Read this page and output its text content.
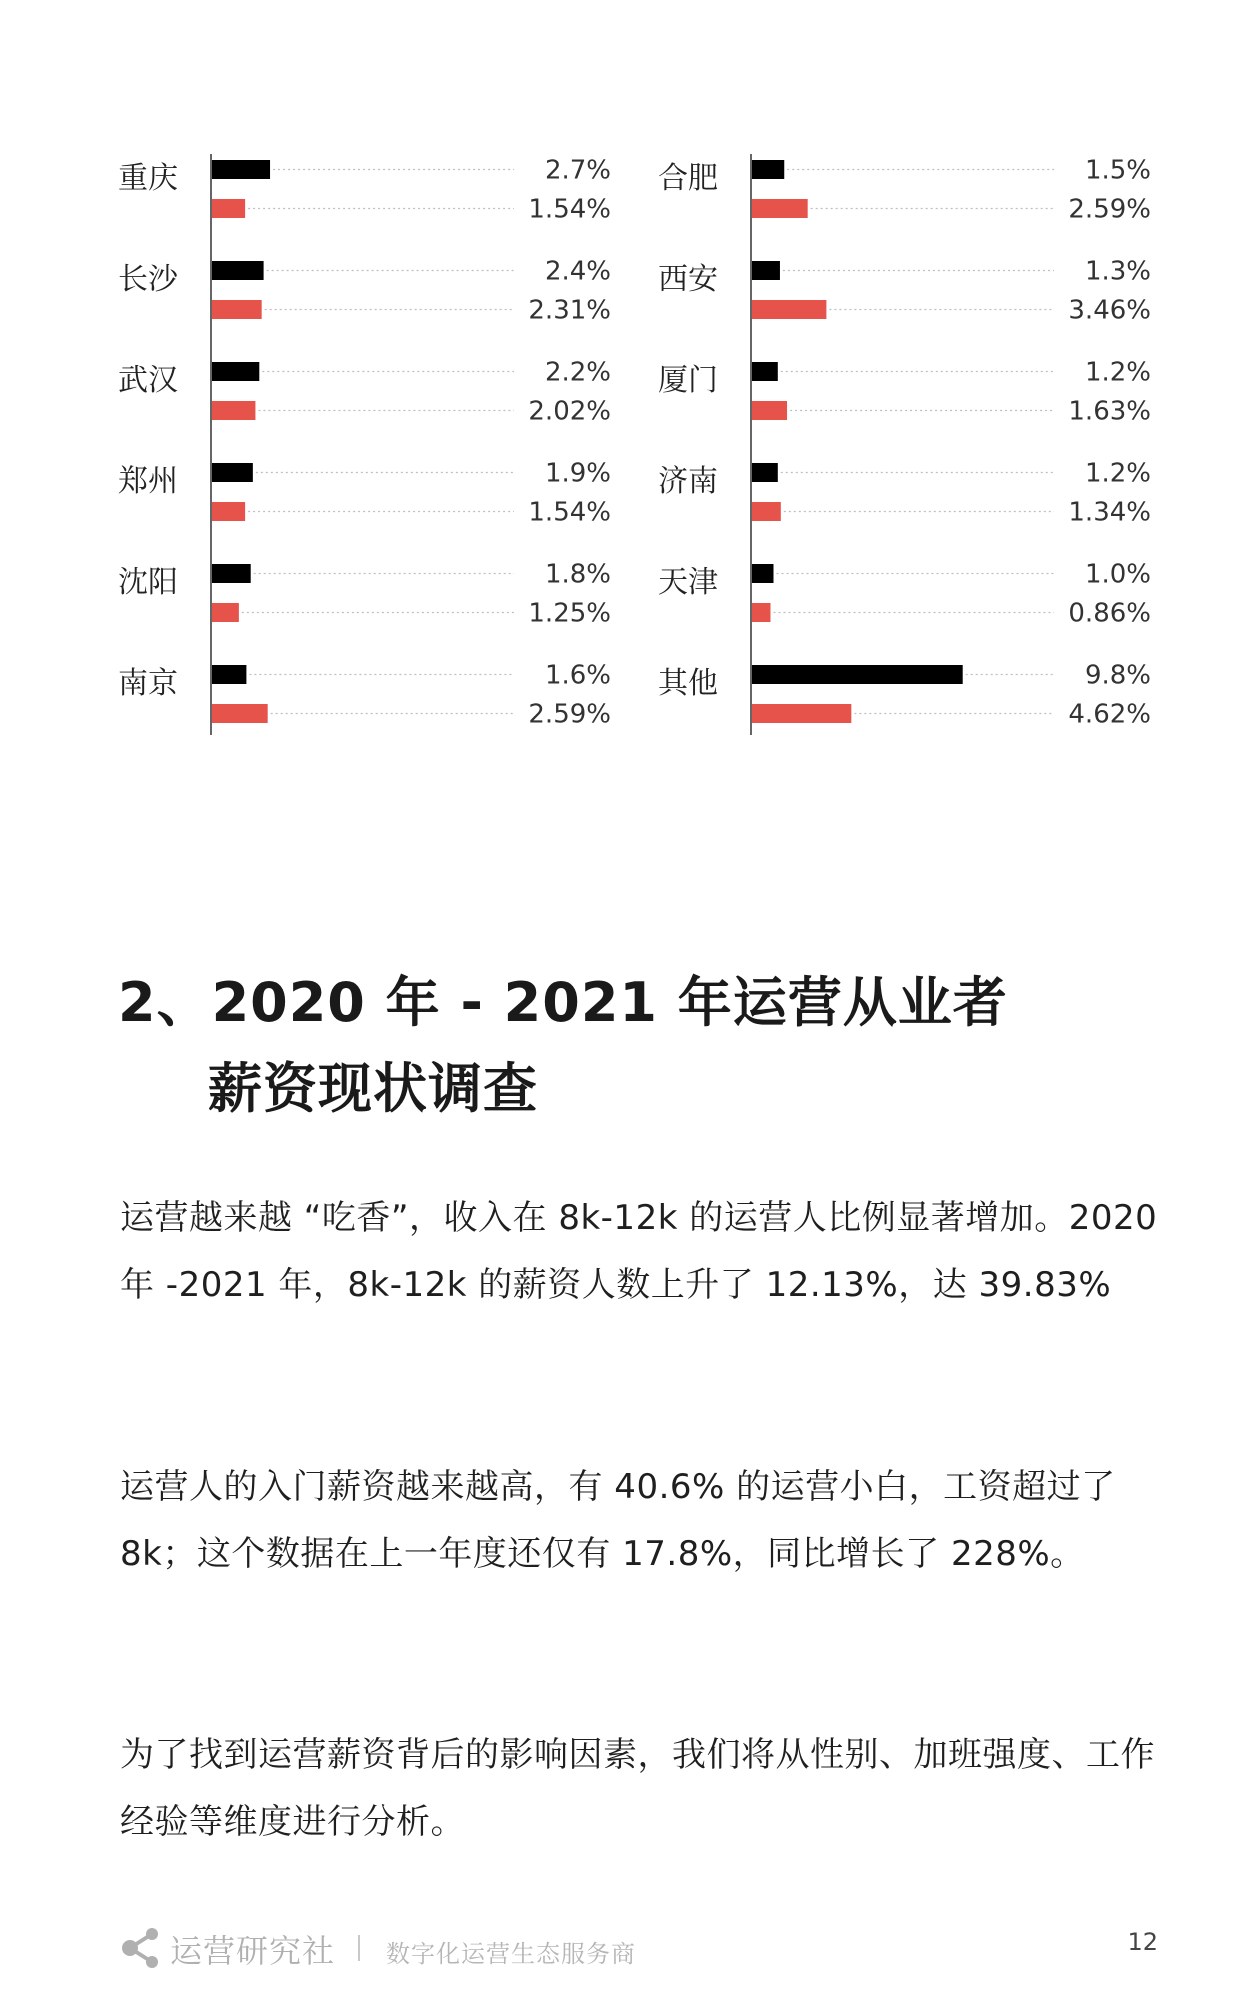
重庆	2.7%
1.54%
长沙	2.4%
2.31%
武汉	2.2%
2.02%
郑州	1.9%
1.54%
沈阳	1.8%
1.25%
南京	1.6%
2.59%
合肥	1.5%
2.59%
西安	1.3%
3.46%
厦门	1.2%
1.63%
济南	1.2%
1.34%
天津	1.0%
0.86%
其他	9.8%
4.62%
2、2020 年 - 2021 年运营从业者
薪资现状调查

运营越来越 “吃香”，收入在 8k-12k 的运营人比例显著增加。2020 年 -2021 年，8k-12k 的薪资人数上升了 12.13%，达 39.83%

运营人的入门薪资越来越高，有 40.6% 的运营小白，工资超过了 8k；这个数据在上一年度还仅有 17.8%，同比增长了 228%。

为了找到运营薪资背后的影响因素，我们将从性别、加班强度、工作经验等维度进行分析。

运营研究社 数字化运营生态服务商	12
